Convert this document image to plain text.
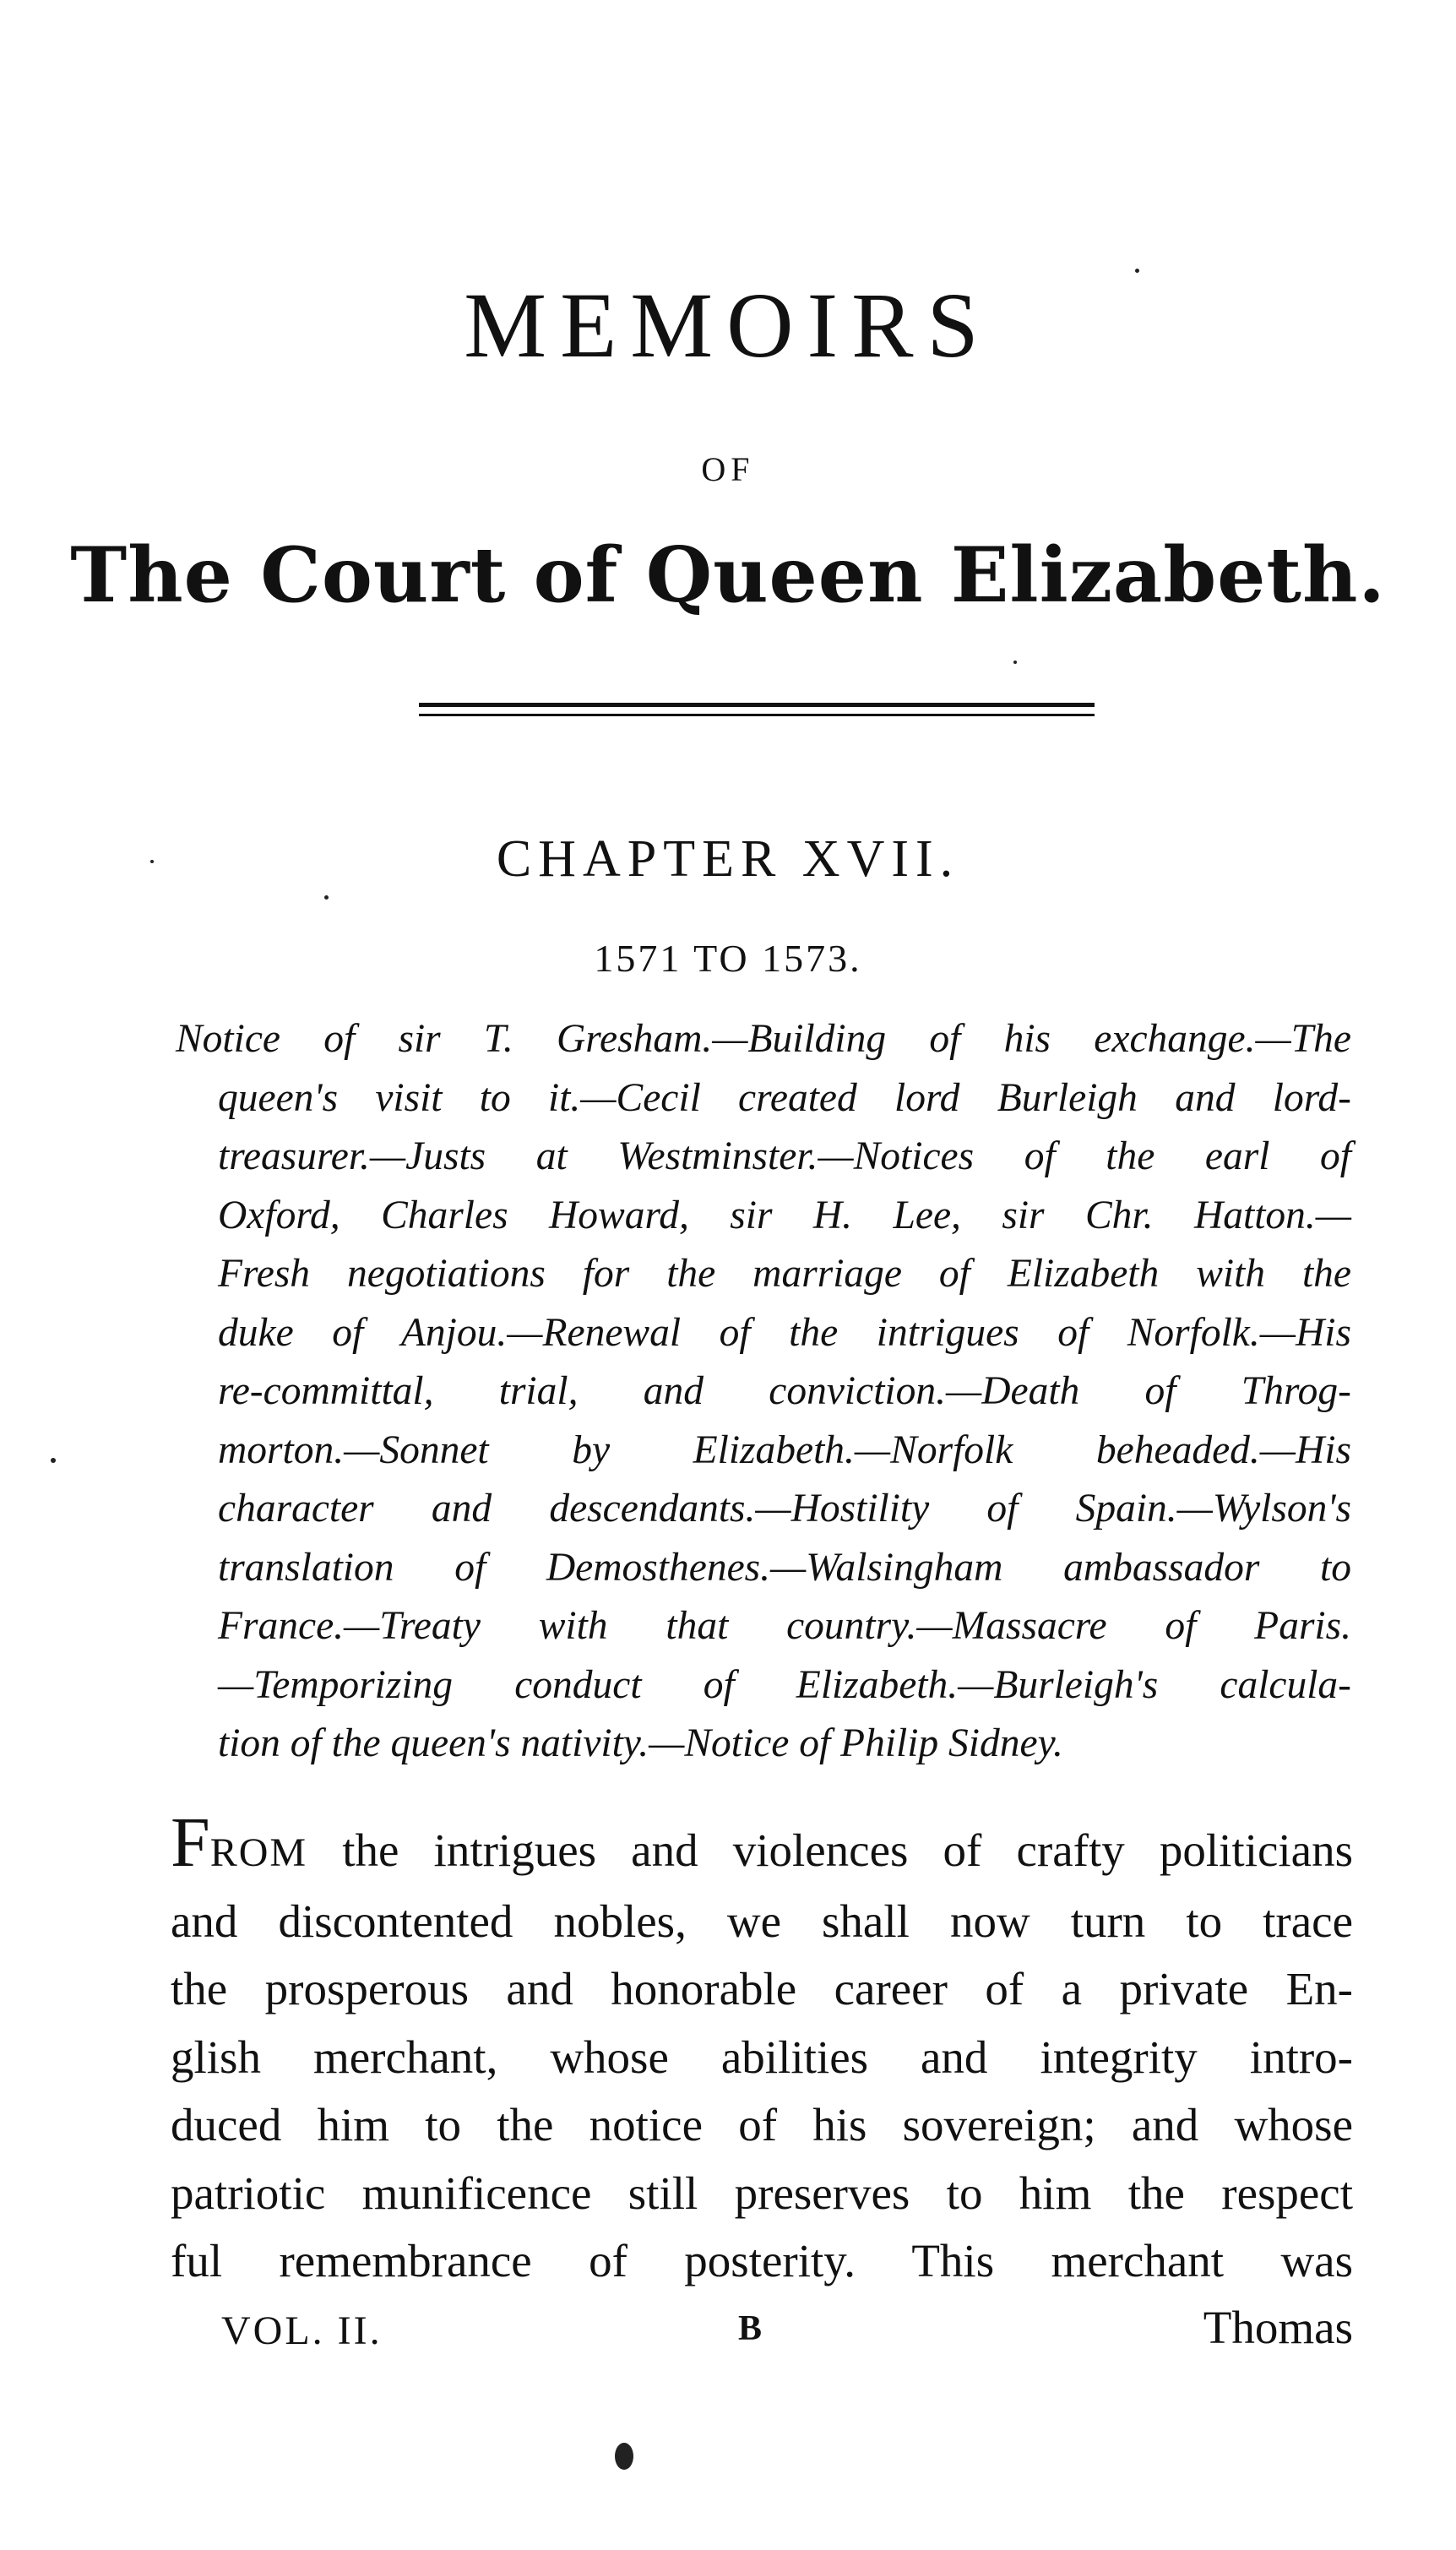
MEMOIRS
OF
The Court of Queen Elizabeth.
CHAPTER XVII.
1571 TO 1573.
Notice of sir T. Gresham.—Building of his exchange.—The
queen's visit to it.—Cecil created lord Burleigh and lord-
treasurer.—Justs at Westminster.—Notices of the earl of
Oxford, Charles Howard, sir H. Lee, sir Chr. Hatton.—
Fresh negotiations for the marriage of Elizabeth with the
duke of Anjou.—Renewal of the intrigues of Norfolk.—His
re-committal, trial, and conviction.—Death of Throg-
morton.—Sonnet by Elizabeth.—Norfolk beheaded.—His
character and descendants.—Hostility of Spain.—Wylson's
translation of Demosthenes.—Walsingham ambassador to
France.—Treaty with that country.—Massacre of Paris.
—Temporizing conduct of Elizabeth.—Burleigh's calcula-
tion of the queen's nativity.—Notice of Philip Sidney.
FROM the intrigues and violences of crafty politicians
and discontented nobles, we shall now turn to trace
the prosperous and honorable career of a private En-
glish merchant, whose abilities and integrity intro-
duced him to the notice of his sovereign; and whose
patriotic munificence still preserves to him the respect
ful remembrance of posterity. This merchant was
VOL. II.	B	Thomas
